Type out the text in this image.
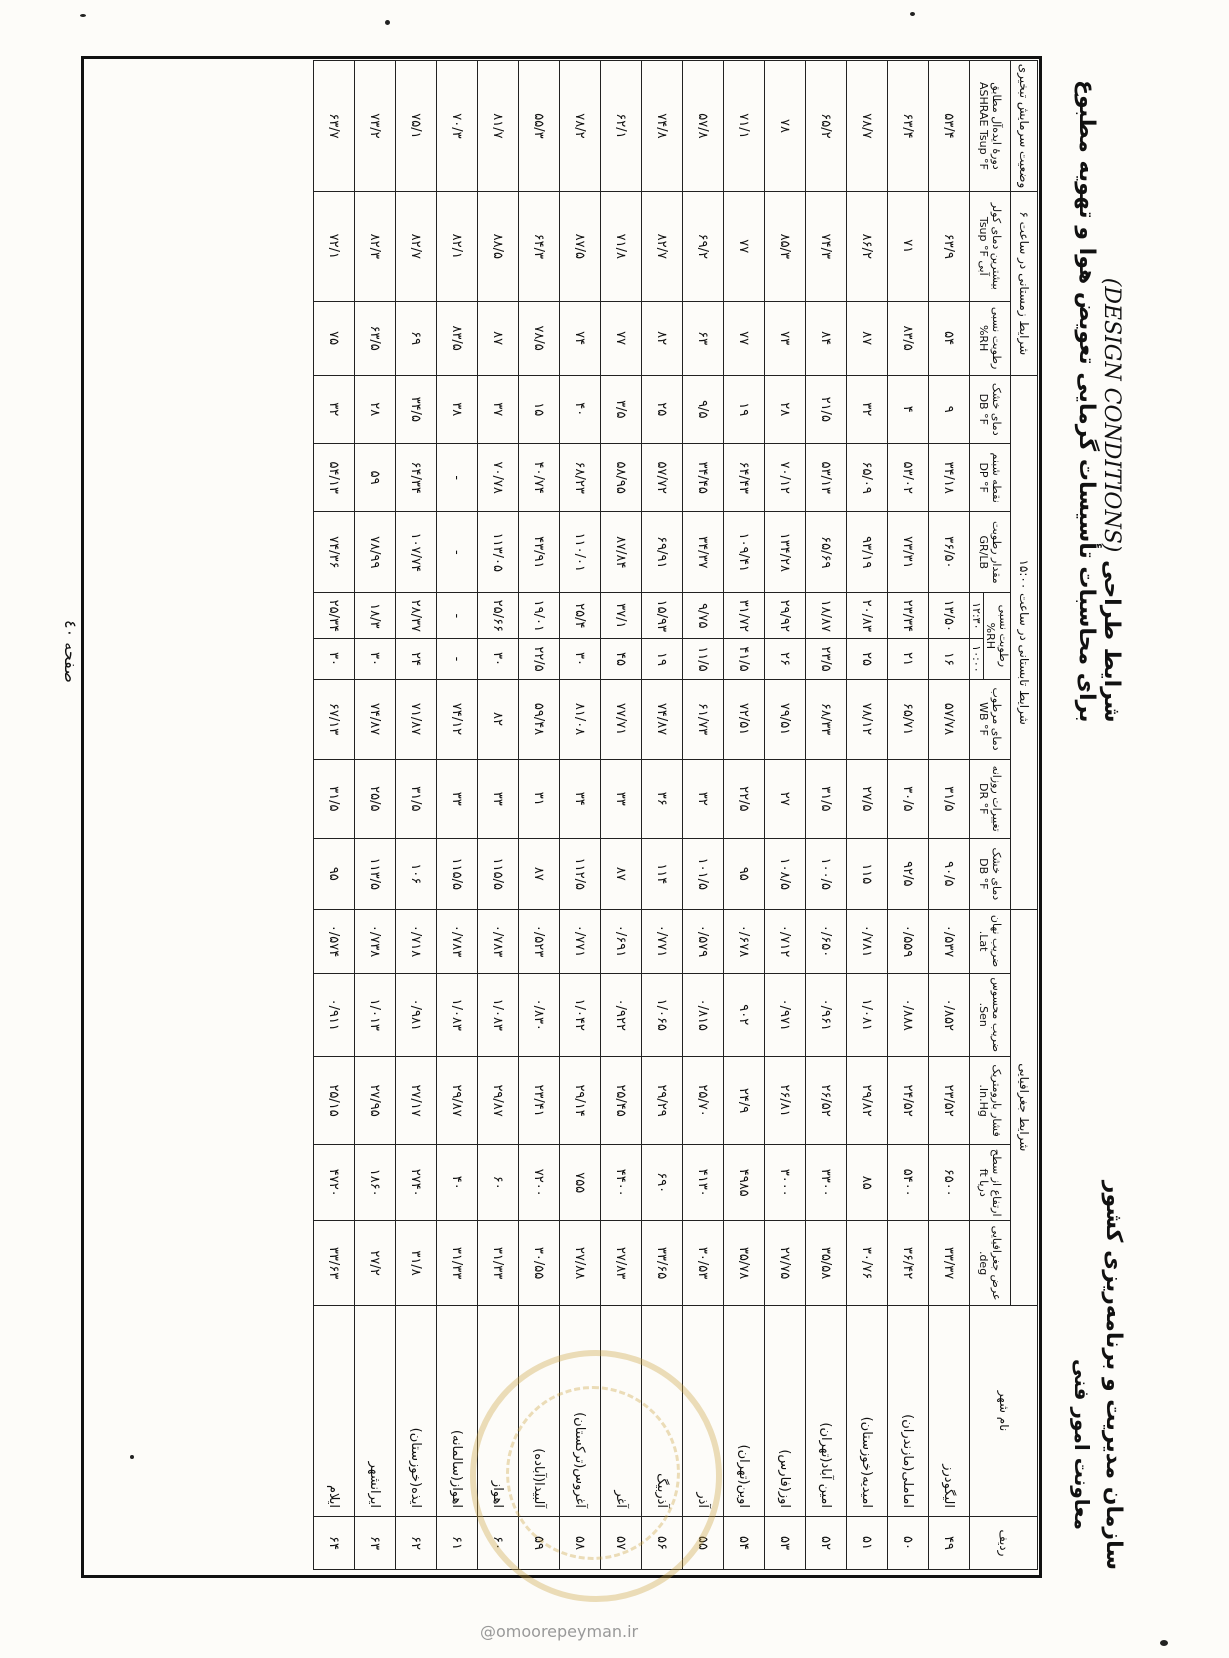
سازمان مدیریت و برنامه‌ریزی کشور
معاونت امور فنی
شرایط طراحی (DESIGN CONDITIONS)
برای محاسبات تأسیسات گرمایی تعویض هوا و تهویه مطبوع
ردیف	نام شهر	شرایط جغرافیایی					شرایط تابستانی در ساعت ۱۵:۰۰								شرایط زمستانی در ساعت ۶		وضعیت سرمایش تبخیری
		عرض جغرافیایی deg.	ارتفاع از سطح دریا ft	فشار بارومتریک In.Hg.	ضریب محسوس Sen.	ضریب نهان Lat.	دمای خشک DB °F	تغییرات روزانه DR °F	دمای مرطوب WB °F	رطوبت نسبی RH%		مقدار رطوبت GR/LB	نقطه شبنم DP °F	دمای خشک DB °F	رطوبت نسبی RH%	بیشترین دمای کولر آبی Tsup °F	دورهٔ ایده‌آل مطابق ASHRAE Tsup °F
										۱۰:۰۰	۱۲:۳۰						
۴۹	الیگودرز	۳۳/۳۷	۶۵۰۰	۲۳/۵۲	۰/۸۵۲	۰/۵۳۷	۹۰/۵	۳۱/۵	۵۷/۷۸	۱۶	۱۳/۵۰	۳۶/۵۰	۳۴/۱۸	۹	۵۴	۶۳/۹	۵۳/۴
۵۰	اماملی(مازندران)	۳۶/۴۲	۵۴۰۰	۲۴/۵۲	۰/۸۸۸	۰/۵۵۹	۹۲/۵	۳۰/۵	۶۵/۷۱	۲۱	۲۳/۳۴	۷۳/۳۱	۵۳/۰۲	۴	۸۳/۵	۷۱	۶۳/۴
۵۱	امیدیه(خوزستان)	۳۰/۷۶	۸۵	۲۹/۸۲	۱/۰۸۱	۰/۷۸۱	۱۱۵	۲۷/۵	۷۸/۱۲	۲۵	۲۰/۸۳	۹۳/۱۹	۶۵/۰۹	۳۲	۸۷	۸۶/۲	۷۸/۷
۵۲	امین آباد(تهران)	۳۵/۵۸	۳۳۰۰	۲۶/۵۲	۰/۹۶۱	۰/۶۵۰	۱۰۰/۵	۳۱/۵	۶۸/۳۳	۲۳/۵	۱۸/۸۷	۶۵/۶۹	۵۳/۱۳	۲۱/۵	۸۴	۷۴/۳	۶۵/۲
۵۳	اوز(فارس)	۲۷/۷۵	۳۰۰۰	۲۶/۸۱	۰/۹۷۱	۰/۷۱۲	۱۰۸/۵	۲۷	۷۹/۵۱	۲۶	۲۹/۹۲	۱۳۴/۲۸	۷۰/۱۲	۲۸	۷۳	۸۵/۳	۷۸
۵۴	اوین(تهران)	۳۵/۷۸	۴۹۸۵	۲۴/۹	۹۰۲	۰/۶۷۸	۹۵	۲۲/۵	۷۲/۵۱	۴۱/۵	۳۱/۷۲	۱۰۹/۴۱	۶۴/۴۳	۱۹	۷۷	۷۷	۷۱/۱
۵۵	آذر	۳۰/۵۳	۴۱۳۰	۲۵/۷۰	۰/۸۱۵	۰/۵۷۹	۱۰۱/۵	۳۲	۶۱/۷۳	۱۱/۵	۹/۷۵	۳۴/۳۷	۳۴/۴۵	۹/۵	۶۳	۶۹/۲	۵۷/۸
۵۶	آذربیگ	۳۳/۶۵	۶۹۰	۲۹/۲۹	۱/۰۶۵	۰/۷۷۱	۱۱۴	۳۶	۷۴/۸۷	۱۹	۱۵/۹۳	۶۹/۹۱	۵۷/۷۲	۲۵	۸۲	۸۲/۷	۷۴/۸
۵۷	آغر	۲۷/۸۳	۴۴۰۰	۲۵/۴۵	۰/۹۲۲	۰/۶۹۱	۸۷	۳۳	۷۷/۷۱	۴۵	۳۷/۱	۸۷/۸۴	۵۸/۹۵	۳/۵	۷۷	۷۱/۸	۶۲/۱
۵۸	آغروس(ترکستان)	۲۷/۸۸	۷۵۵	۲۹/۱۴	۱/۰۴۲	۰/۷۷۱	۱۱۲/۵	۳۴	۸۱/۰۸	۳۰	۲۵/۴	۱۱۰/۰۱	۶۸/۲۳	۴۰	۷۴	۸۷/۵	۷۸/۲
۵۹	آلبیدا(آباده)	۳۰/۵۵	۷۲۰۰	۲۳/۴۱	۰/۸۳۰	۰/۵۲۳	۸۷	۳۱	۵۹/۴۸	۲۲/۵	۱۹/۰۱	۴۳/۹۱	۴۰/۷۴	۱۵	۷۸/۵	۶۴/۳	۵۵/۳
۶۰	اهواز	۳۱/۳۳	۶۰	۲۹/۸۷	۱/۰۸۳	۰/۷۸۳	۱۱۵/۵	۳۳	۸۲	۳۰	۲۵/۶۶	۱۱۳/۰۵	۷۰/۷۸	۳۷	۸۷	۸۸/۵	۸۱/۷
۶۱	اهواز(سالمانه)	۳۱/۳۳	۴۰	۲۹/۸۷	۱/۰۸۳	۰/۷۸۳	۱۱۵/۵	۳۳	۷۴/۱۲	-	-	-	-	۳۸	۸۳/۵	۸۲/۱	۷۰/۳
۶۲	ایذه(خوزستان)	۳۱/۸	۲۷۴۰	۲۷/۱۷	۰/۹۸۱	۰/۷۱۸	۱۰۶	۳۱/۵	۷۱/۸۷	۲۴	۲۸/۳۷	۱۰۷/۷۴	۶۴/۳۴	۳۴/۵	۶۹	۸۲/۷	۷۵/۱
۶۳	ایرانشهر	۲۷/۲	۱۸۶۰	۲۷/۹۵	۱/۰۱۳	۰/۷۳۸	۱۱۳/۵	۲۵/۵	۷۴/۸۷	۳۰	۱۸/۳	۷۸/۹۹	۵۹	۲۸	۶۳/۵	۸۲/۳	۷۳/۲
۶۴	ایلام	۳۳/۶۳	۴۷۲۰	۲۵/۱۵	۰/۹۱۱	۰/۵۷۴	۹۵	۳۱/۵	۶۷/۱۳	۳۰	۲۵/۳۴	۷۴/۳۶	۵۴/۱۳	۳۲	۷۵	۷۲/۱	۶۳/۷
صفحه ٤۰
@omoorepeyman.ir
